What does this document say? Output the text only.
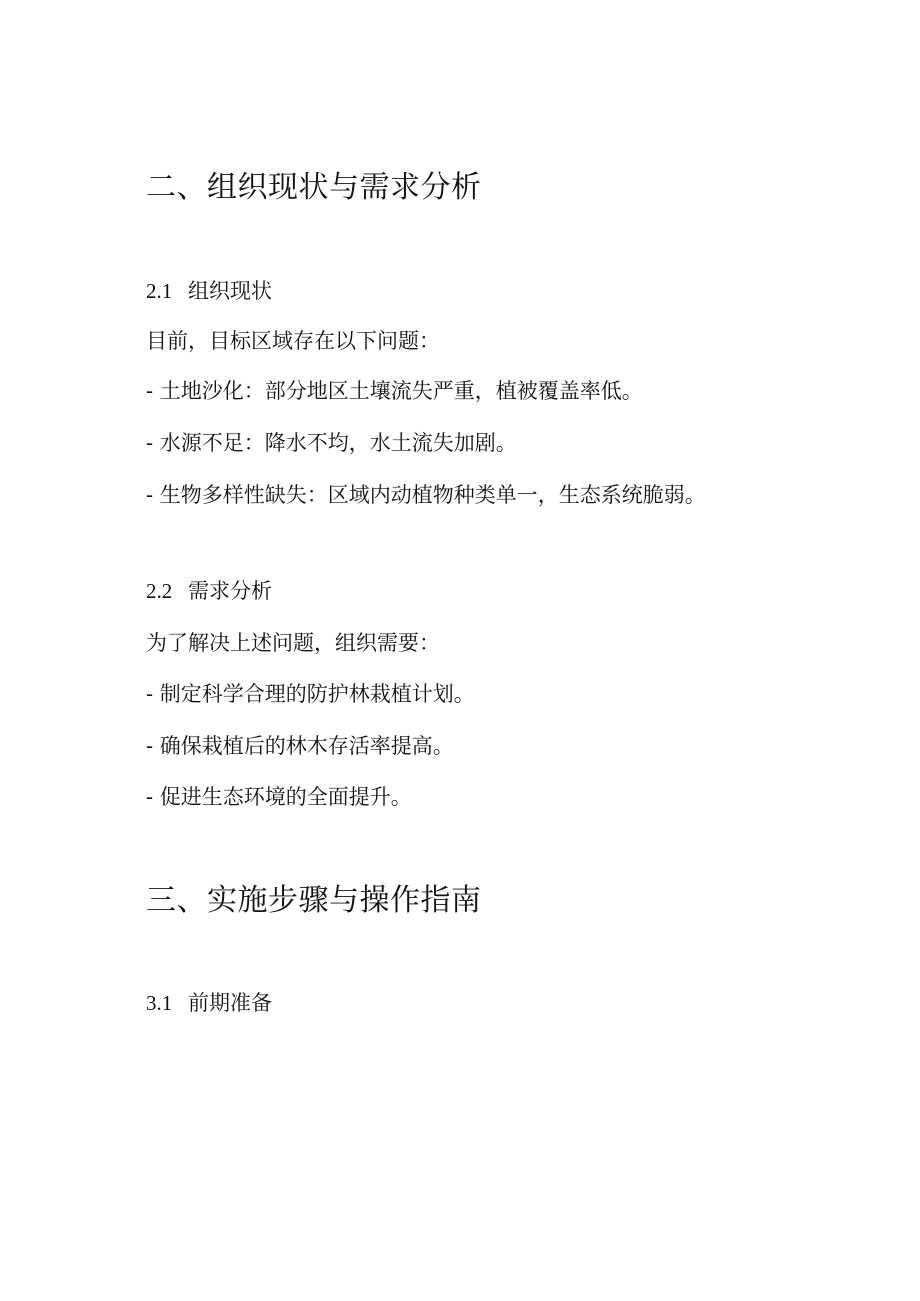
二、组织现状与需求分析
2.1 组织现状
目前，目标区域存在以下问题：
- 土地沙化：部分地区土壤流失严重，植被覆盖率低。
- 水源不足：降水不均，水土流失加剧。
- 生物多样性缺失：区域内动植物种类单一，生态系统脆弱。
2.2 需求分析
为了解决上述问题，组织需要：
- 制定科学合理的防护林栽植计划。
- 确保栽植后的林木存活率提高。
- 促进生态环境的全面提升。
三、实施步骤与操作指南
3.1 前期准备
